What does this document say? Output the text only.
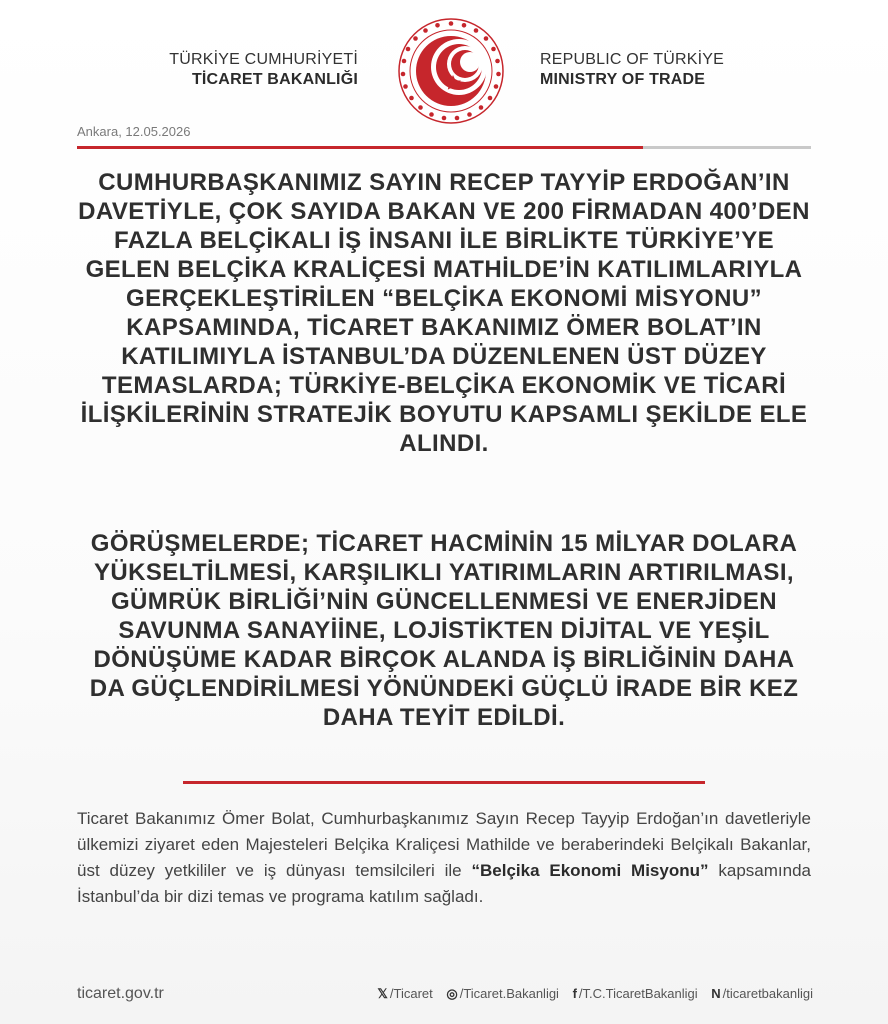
TÜRKİYE CUMHURİYETİ
TİCARET BAKANLIĞI
REPUBLIC OF TÜRKİYE
MINISTRY OF TRADE
Ankara, 12.05.2026

CUMHURBAŞKANIMIZ SAYIN RECEP TAYYİP ERDOĞAN’IN DAVETİYLE, ÇOK SAYIDA BAKAN VE 200 FİRMADAN 400’DEN FAZLA BELÇİKALI İŞ İNSANI İLE BİRLİKTE TÜRKİYE’YE GELEN BELÇİKA KRALİÇESİ MATHİLDE’İN KATILIMLARIYLA GERÇEKLEŞTİRİLEN “BELÇİKA EKONOMİ MİSYONU” KAPSAMINDA, TİCARET BAKANIMIZ ÖMER BOLAT’IN KATILIMIYLA İSTANBUL’DA DÜZENLENEN ÜST DÜZEY TEMASLARDA; TÜRKİYE-BELÇİKA EKONOMİK VE TİCARİ İLİŞKİLERİNİN STRATEJİK BOYUTU KAPSAMLI ŞEKİLDE ELE ALINDI.

GÖRÜŞMELERDE; TİCARET HACMİNİN 15 MİLYAR DOLARA YÜKSELTİLMESİ, KARŞILIKLI YATIRIMLARIN ARTIRILMASI, GÜMRÜK BİRLİĞİ’NİN GÜNCELLENMESİ VE ENERJİDEN SAVUNMA SANAYİİNE, LOJİSTİKTEN DİJİTAL VE YEŞİL DÖNÜŞÜME KADAR BİRÇOK ALANDA İŞ BİRLİĞİNİN DAHA DA GÜÇLENDİRİLMESİ YÖNÜNDEKİ GÜÇLÜ İRADE BİR KEZ DAHA TEYİT EDİLDİ.

Ticaret Bakanımız Ömer Bolat, Cumhurbaşkanımız Sayın Recep Tayyip Erdoğan’ın davetleriyle ülkemizi ziyaret eden Majesteleri Belçika Kraliçesi Mathilde ve beraberindeki Belçikalı Bakanlar, üst düzey yetkililer ve iş dünyası temsilcileri ile “Belçika Ekonomi Misyonu” kapsamında İstanbul’da bir dizi temas ve programa katılım sağladı.

ticaret.gov.tr	𝕏 /Ticaret ◎ /Ticaret.Bakanligi f /T.C.TicaretBakanligi N /ticaretbakanligi
